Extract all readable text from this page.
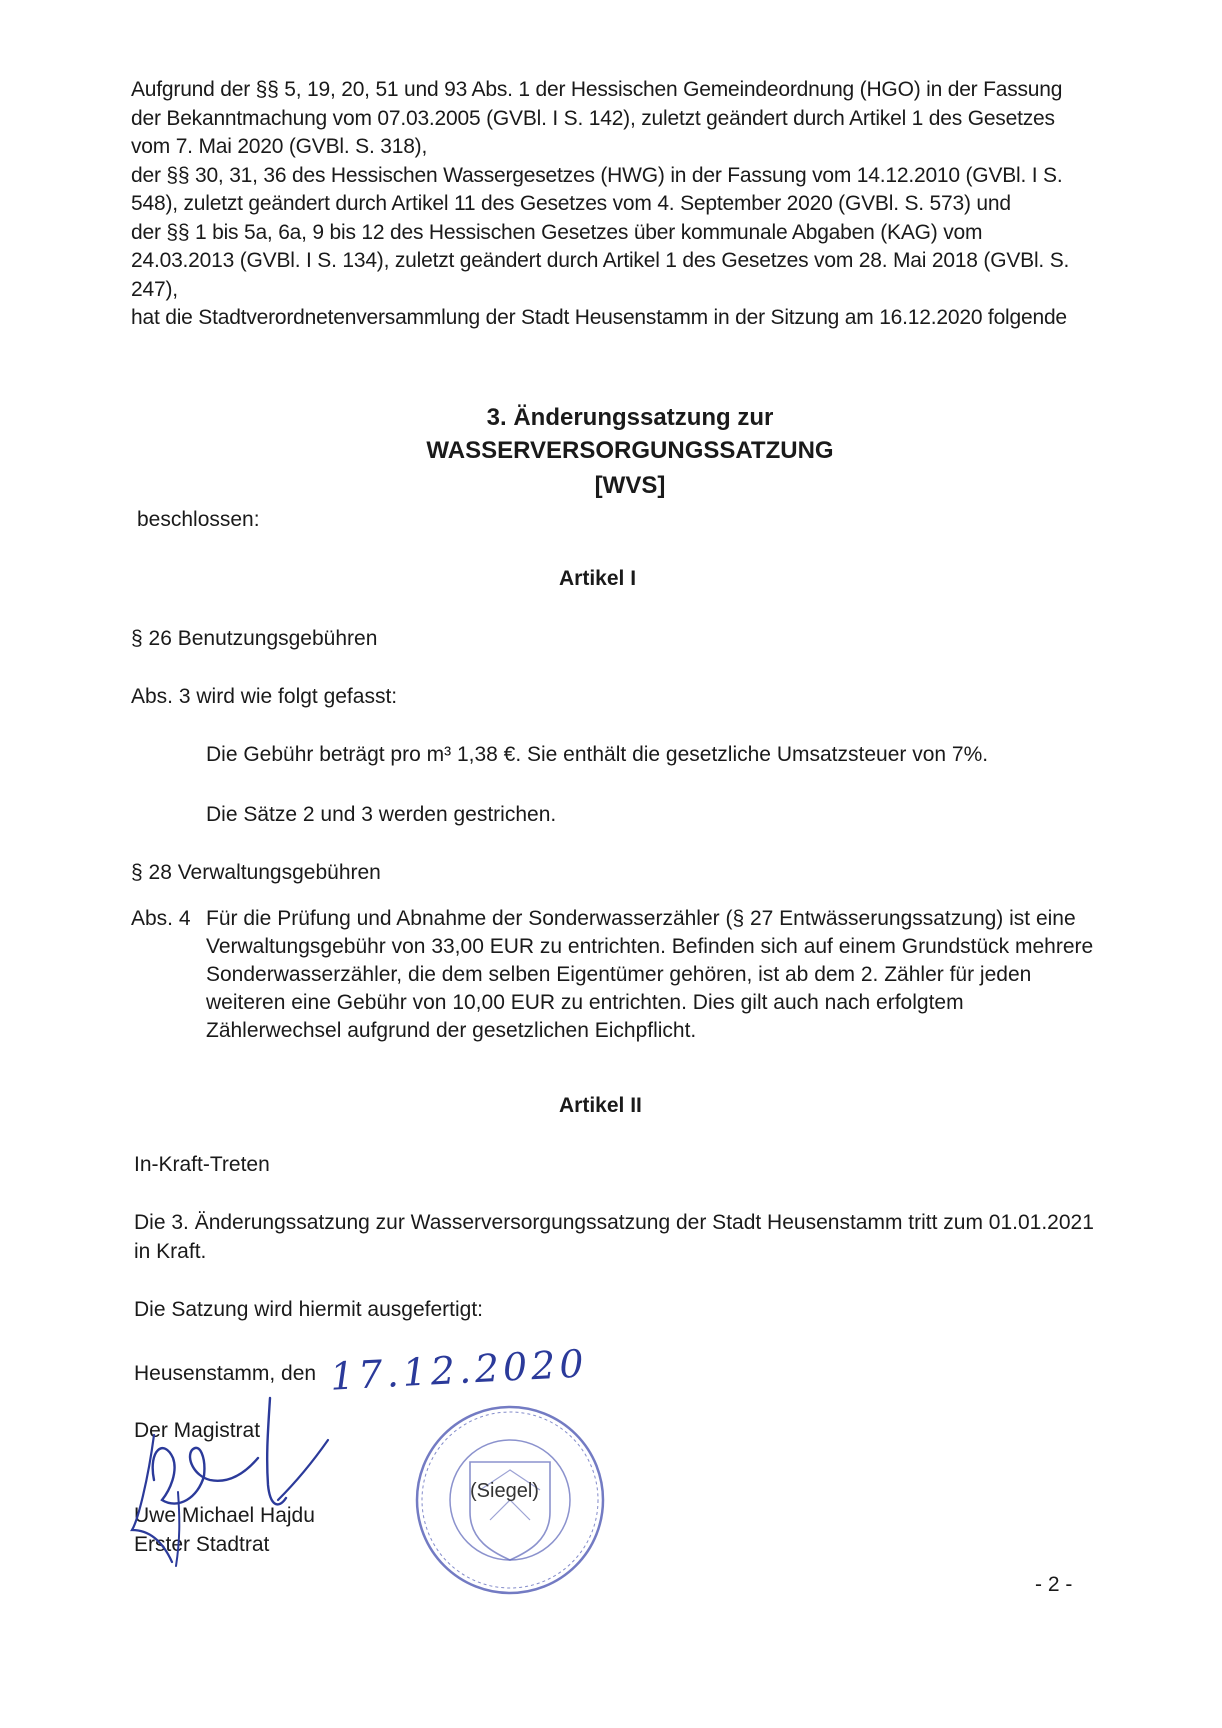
Aufgrund der §§ 5, 19, 20, 51 und 93 Abs. 1 der Hessischen Gemeindeordnung (HGO) in der Fassung
der Bekanntmachung vom 07.03.2005 (GVBl. I S. 142), zuletzt geändert durch Artikel 1 des Gesetzes
vom 7. Mai 2020 (GVBl. S. 318),
der §§ 30, 31, 36 des Hessischen Wassergesetzes (HWG) in der Fassung vom 14.12.2010 (GVBl. I S.
548), zuletzt geändert durch Artikel 11 des Gesetzes vom 4. September 2020 (GVBl. S. 573) und
der §§ 1 bis 5a, 6a, 9 bis 12 des Hessischen Gesetzes über kommunale Abgaben (KAG) vom
24.03.2013 (GVBl. I S. 134), zuletzt geändert durch Artikel 1 des Gesetzes vom 28. Mai 2018 (GVBl. S.
247),
hat die Stadtverordnetenversammlung der Stadt Heusenstamm in der Sitzung am 16.12.2020 folgende
3. Änderungssatzung zur
WASSERVERSORGUNGSSATZUNG
[WVS]
beschlossen:
Artikel I
§ 26 Benutzungsgebühren
Abs. 3 wird wie folgt gefasst:
Die Gebühr beträgt pro m³ 1,38 €. Sie enthält die gesetzliche Umsatzsteuer von 7%.
Die Sätze 2 und 3 werden gestrichen.
§ 28 Verwaltungsgebühren
Abs. 4 Für die Prüfung und Abnahme der Sonderwasserzähler (§ 27 Entwässerungssatzung) ist eine
Verwaltungsgebühr von 33,00 EUR zu entrichten. Befinden sich auf einem Grundstück mehrere
Sonderwasserzähler, die dem selben Eigentümer gehören, ist ab dem 2. Zähler für jeden
weiteren eine Gebühr von 10,00 EUR zu entrichten. Dies gilt auch nach erfolgtem
Zählerwechsel aufgrund der gesetzlichen Eichpflicht.
Artikel II
In-Kraft-Treten
Die 3. Änderungssatzung zur Wasserversorgungssatzung der Stadt Heusenstamm tritt zum 01.01.2021
in Kraft.
Die Satzung wird hiermit ausgefertigt:
Heusenstamm, den 17.12.2020
Der Magistrat
Uwe Michael Hajdu
Erster Stadtrat
(Siegel)
- 2 -
